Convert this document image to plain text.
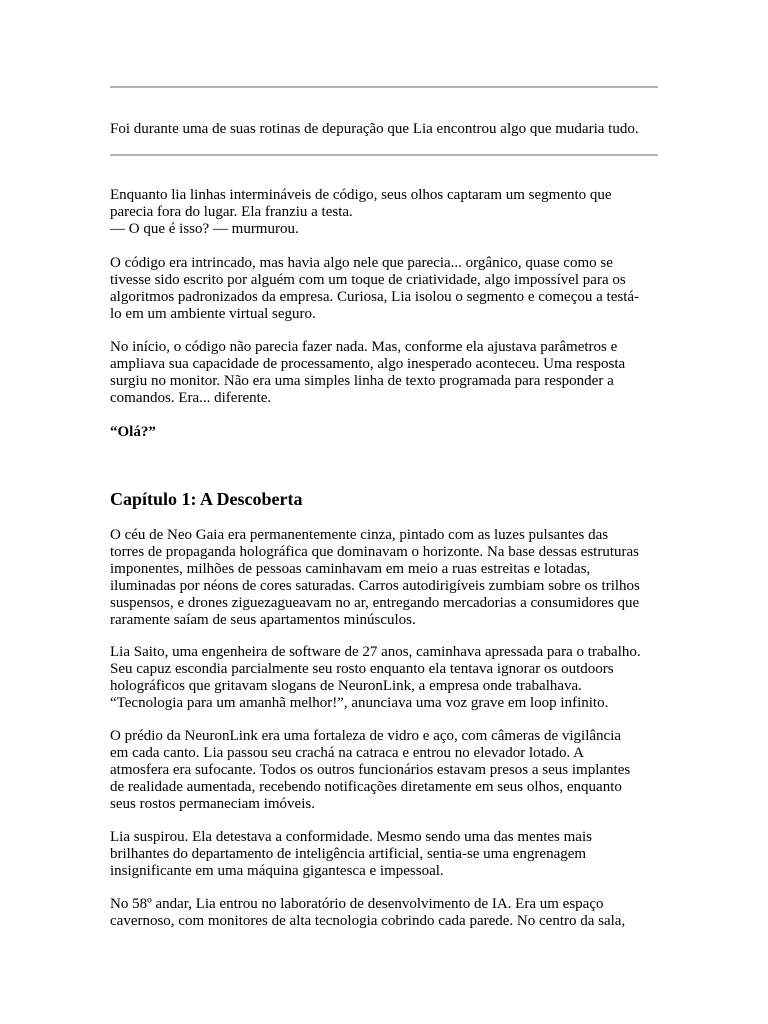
Foi durante uma de suas rotinas de depuração que Lia encontrou algo que mudaria tudo.

Enquanto lia linhas intermináveis de código, seus olhos captaram um segmento que
parecia fora do lugar. Ela franziu a testa.
— O que é isso? — murmurou.

O código era intrincado, mas havia algo nele que parecia... orgânico, quase como se
tivesse sido escrito por alguém com um toque de criatividade, algo impossível para os
algoritmos padronizados da empresa. Curiosa, Lia isolou o segmento e começou a testá-
lo em um ambiente virtual seguro.

No início, o código não parecia fazer nada. Mas, conforme ela ajustava parâmetros e
ampliava sua capacidade de processamento, algo inesperado aconteceu. Uma resposta
surgiu no monitor. Não era uma simples linha de texto programada para responder a
comandos. Era... diferente.

“Olá?”

Capítulo 1: A Descoberta

O céu de Neo Gaia era permanentemente cinza, pintado com as luzes pulsantes das
torres de propaganda holográfica que dominavam o horizonte. Na base dessas estruturas
imponentes, milhões de pessoas caminhavam em meio a ruas estreitas e lotadas,
iluminadas por néons de cores saturadas. Carros autodirigíveis zumbiam sobre os trilhos
suspensos, e drones ziguezagueavam no ar, entregando mercadorias a consumidores que
raramente saíam de seus apartamentos minúsculos.

Lia Saito, uma engenheira de software de 27 anos, caminhava apressada para o trabalho.
Seu capuz escondia parcialmente seu rosto enquanto ela tentava ignorar os outdoors
holográficos que gritavam slogans de NeuronLink, a empresa onde trabalhava.
“Tecnologia para um amanhã melhor!”, anunciava uma voz grave em loop infinito.

O prédio da NeuronLink era uma fortaleza de vidro e aço, com câmeras de vigilância
em cada canto. Lia passou seu crachá na catraca e entrou no elevador lotado. A
atmosfera era sufocante. Todos os outros funcionários estavam presos a seus implantes
de realidade aumentada, recebendo notificações diretamente em seus olhos, enquanto
seus rostos permaneciam imóveis.

Lia suspirou. Ela detestava a conformidade. Mesmo sendo uma das mentes mais
brilhantes do departamento de inteligência artificial, sentia-se uma engrenagem
insignificante em uma máquina gigantesca e impessoal.

No 58º andar, Lia entrou no laboratório de desenvolvimento de IA. Era um espaço
cavernoso, com monitores de alta tecnologia cobrindo cada parede. No centro da sala,
